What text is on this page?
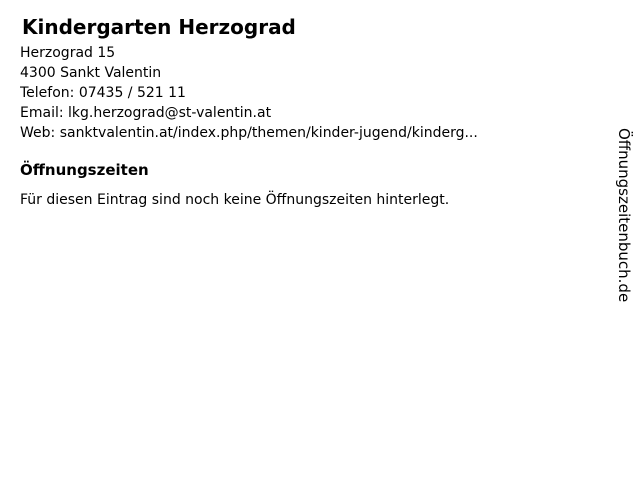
Kindergarten Herzograd
Herzograd 15
4300 Sankt Valentin
Telefon: 07435 / 521 11
Email: lkg.herzograd@st-valentin.at
Web: sanktvalentin.at/index.php/themen/kinder-jugend/kinderg...
Öffnungszeiten

Für diesen Eintrag sind noch keine Öffnungszeiten hinterlegt.	Öffnungszeitenbuch.de
